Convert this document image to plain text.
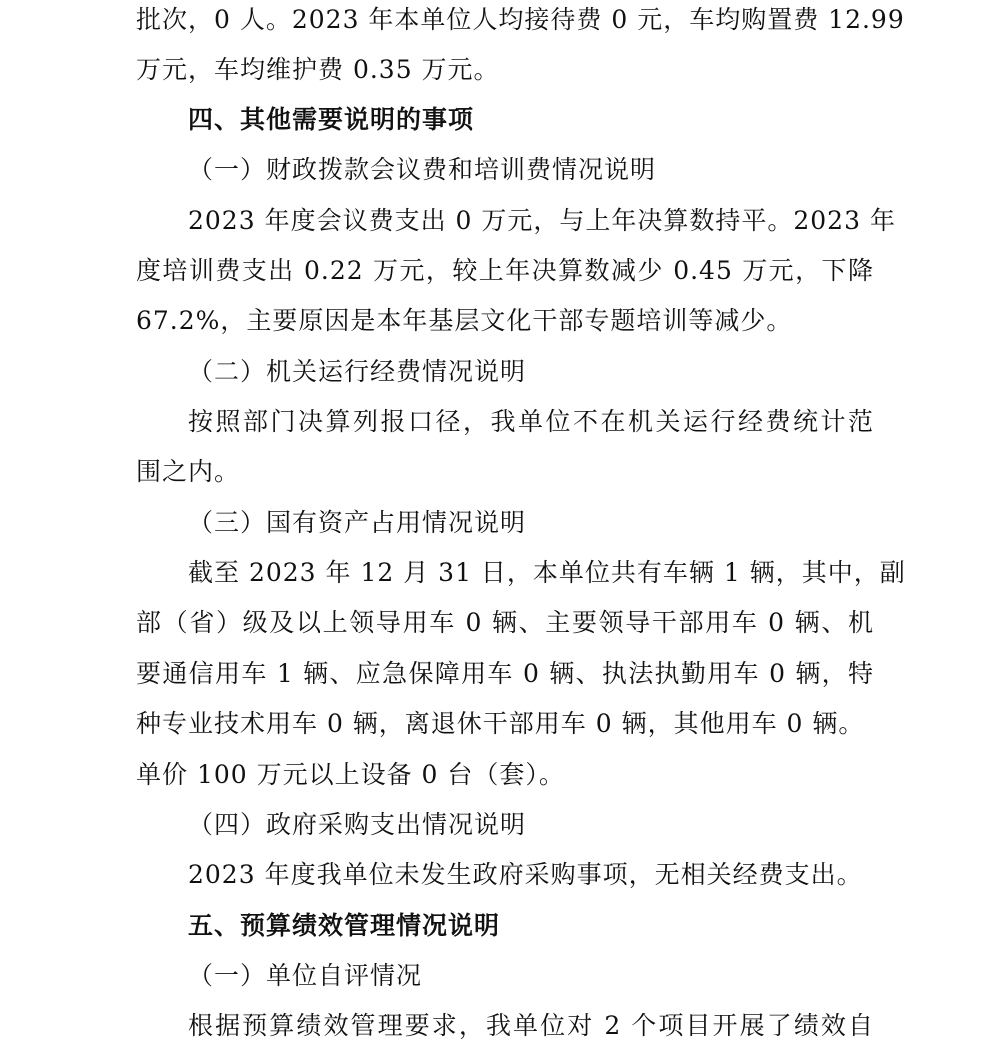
批次，0 人。2023 年本单位人均接待费 0 元，车均购置费 12.99
万元，车均维护费 0.35 万元。
四、其他需要说明的事项
（一）财政拨款会议费和培训费情况说明
2023 年度会议费支出 0 万元，与上年决算数持平。2023 年
度培训费支出 0.22 万元，较上年决算数减少 0.45 万元，下降
67.2%，主要原因是本年基层文化干部专题培训等减少。
（二）机关运行经费情况说明
按照部门决算列报口径，我单位不在机关运行经费统计范
围之内。
（三）国有资产占用情况说明
截至 2023 年 12 月 31 日，本单位共有车辆 1 辆，其中，副
部（省）级及以上领导用车 0 辆、主要领导干部用车 0 辆、机
要通信用车 1 辆、应急保障用车 0 辆、执法执勤用车 0 辆，特
种专业技术用车 0 辆，离退休干部用车 0 辆，其他用车 0 辆。
单价 100 万元以上设备 0 台（套）。
（四）政府采购支出情况说明
2023 年度我单位未发生政府采购事项，无相关经费支出。
五、预算绩效管理情况说明
（一）单位自评情况
根据预算绩效管理要求，我单位对 2 个项目开展了绩效自
